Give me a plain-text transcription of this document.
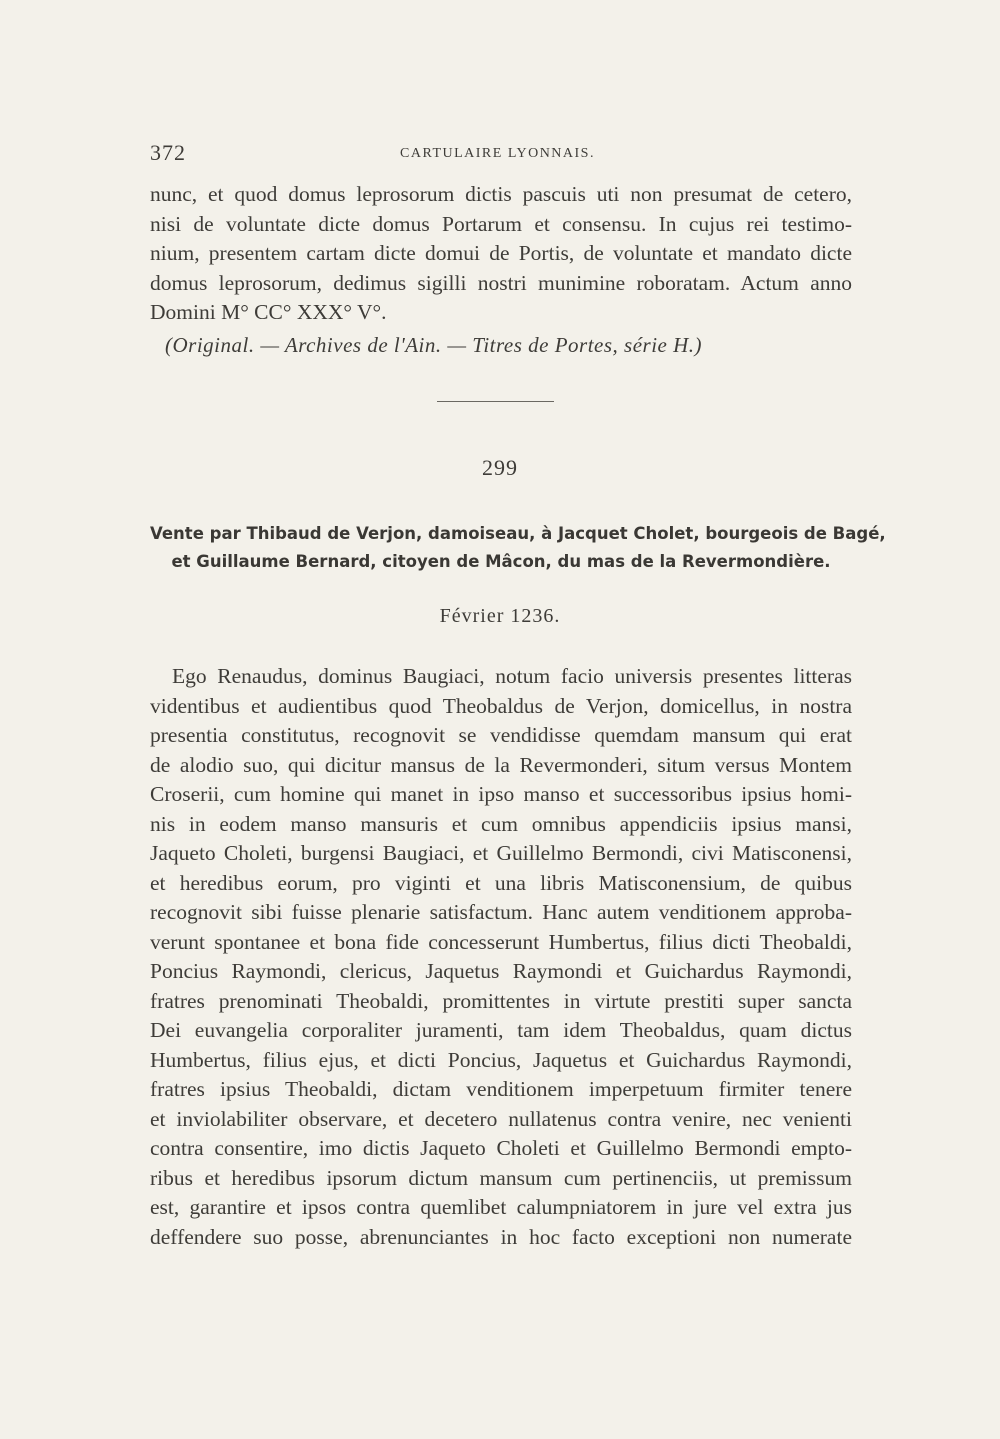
372	CARTULAIRE LYONNAIS.
nunc, et quod domus leprosorum dictis pascuis uti non presumat de cetero,
nisi de voluntate dicte domus Portarum et consensu. In cujus rei testimo-
nium, presentem cartam dicte domui de Portis, de voluntate et mandato dicte
domus leprosorum, dedimus sigilli nostri munimine roboratam. Actum anno
Domini M° CC° XXX° V°.
(Original. — Archives de l'Ain. — Titres de Portes, série H.)
299
Vente par Thibaud de Verjon, damoiseau, à Jacquet Cholet, bourgeois de Bagé,
et Guillaume Bernard, citoyen de Mâcon, du mas de la Revermondière.
Février 1236.
Ego Renaudus, dominus Baugiaci, notum facio universis presentes litteras
videntibus et audientibus quod Theobaldus de Verjon, domicellus, in nostra
presentia constitutus, recognovit se vendidisse quemdam mansum qui erat
de alodio suo, qui dicitur mansus de la Revermonderi, situm versus Montem
Croserii, cum homine qui manet in ipso manso et successoribus ipsius homi-
nis in eodem manso mansuris et cum omnibus appendiciis ipsius mansi,
Jaqueto Choleti, burgensi Baugiaci, et Guillelmo Bermondi, civi Matisconensi,
et heredibus eorum, pro viginti et una libris Matisconensium, de quibus
recognovit sibi fuisse plenarie satisfactum. Hanc autem venditionem approba-
verunt spontanee et bona fide concesserunt Humbertus, filius dicti Theobaldi,
Poncius Raymondi, clericus, Jaquetus Raymondi et Guichardus Raymondi,
fratres prenominati Theobaldi, promittentes in virtute prestiti super sancta
Dei euvangelia corporaliter juramenti, tam idem Theobaldus, quam dictus
Humbertus, filius ejus, et dicti Poncius, Jaquetus et Guichardus Raymondi,
fratres ipsius Theobaldi, dictam venditionem imperpetuum firmiter tenere
et inviolabiliter observare, et decetero nullatenus contra venire, nec venienti
contra consentire, imo dictis Jaqueto Choleti et Guillelmo Bermondi empto-
ribus et heredibus ipsorum dictum mansum cum pertinenciis, ut premissum
est, garantire et ipsos contra quemlibet calumpniatorem in jure vel extra jus
deffendere suo posse, abrenunciantes in hoc facto exceptioni non numerate
